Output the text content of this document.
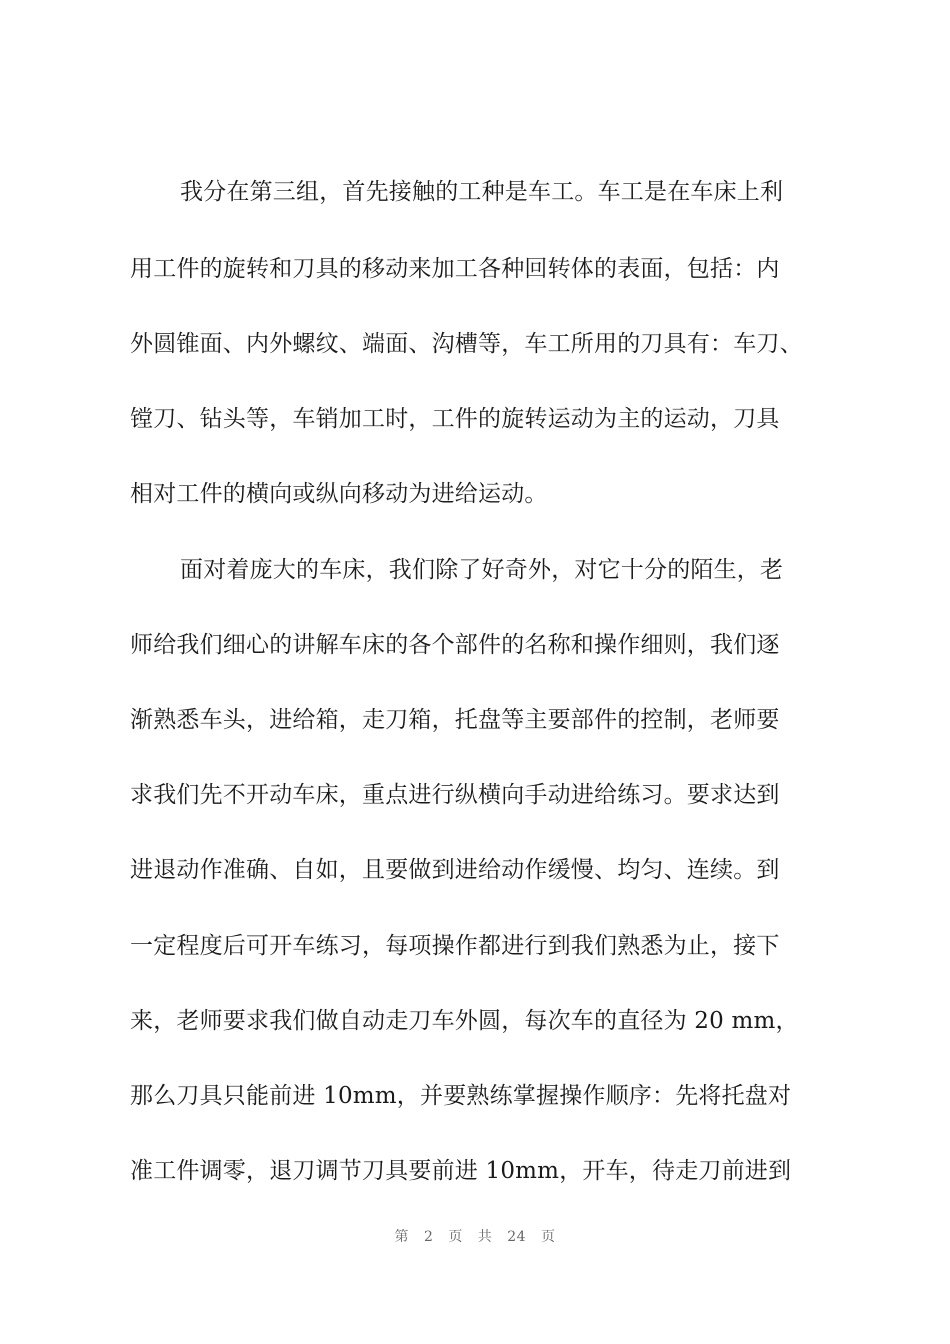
我分在第三组，首先接触的工种是车工。车工是在车床上利
用工件的旋转和刀具的移动来加工各种回转体的表面，包括：内
外圆锥面、内外螺纹、端面、沟槽等，车工所用的刀具有：车刀、
镗刀、钻头等，车销加工时，工件的旋转运动为主的运动，刀具
相对工件的横向或纵向移动为进给运动。
面对着庞大的车床，我们除了好奇外，对它十分的陌生，老
师给我们细心的讲解车床的各个部件的名称和操作细则，我们逐
渐熟悉车头，进给箱，走刀箱，托盘等主要部件的控制，老师要
求我们先不开动车床，重点进行纵横向手动进给练习。要求达到
进退动作准确、自如，且要做到进给动作缓慢、均匀、连续。到
一定程度后可开车练习，每项操作都进行到我们熟悉为止，接下
来，老师要求我们做自动走刀车外圆，每次车的直径为 20 mm，
那么刀具只能前进 10mm，并要熟练掌握操作顺序：先将托盘对
准工件调零，退刀调节刀具要前进 10mm，开车，待走刀前进到
第 2 页 共 24 页
